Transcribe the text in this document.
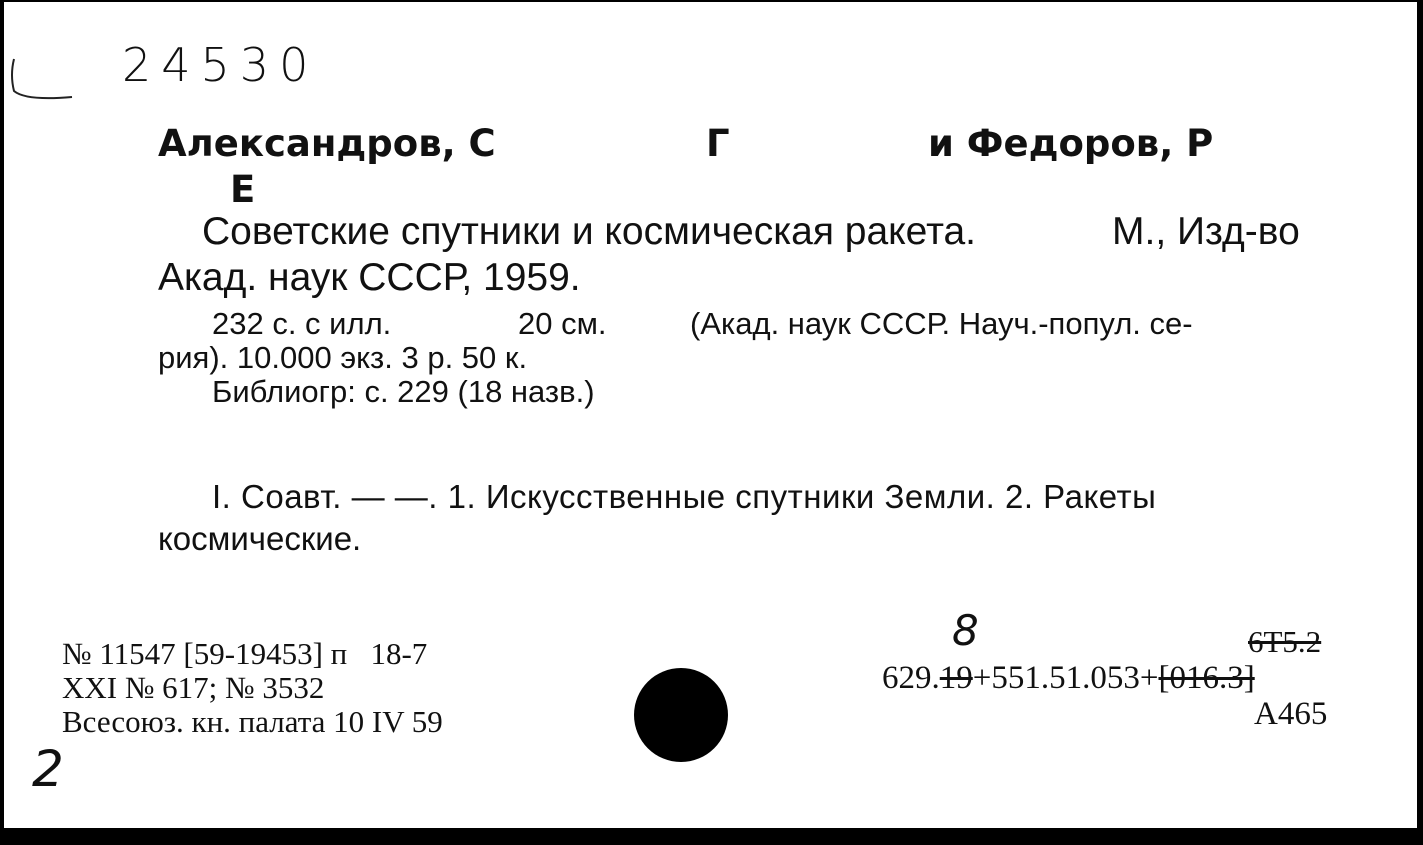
24530
Александров, С	Г	и Федоров, Р
Е
Советские спутники и космическая ракета.	М., Изд-во
Акад. наук СССР, 1959.
232 с. с илл.	20 см.	(Акад. наук СССР. Науч.-попул. се-
рия). 10.000 экз. 3 р. 50 к.
Библиогр: с. 229 (18 назв.)
I. Соавт. — —. 1. Искусственные спутники Земли. 2. Ракеты
космические.
№ 11547 [59-19453] п   18-7
XXI № 617; № 3532
Всесоюз. кн. палата 10 IV 59
2
8	6Т5.2
629.19+551.51.053+[016.3]
А465
